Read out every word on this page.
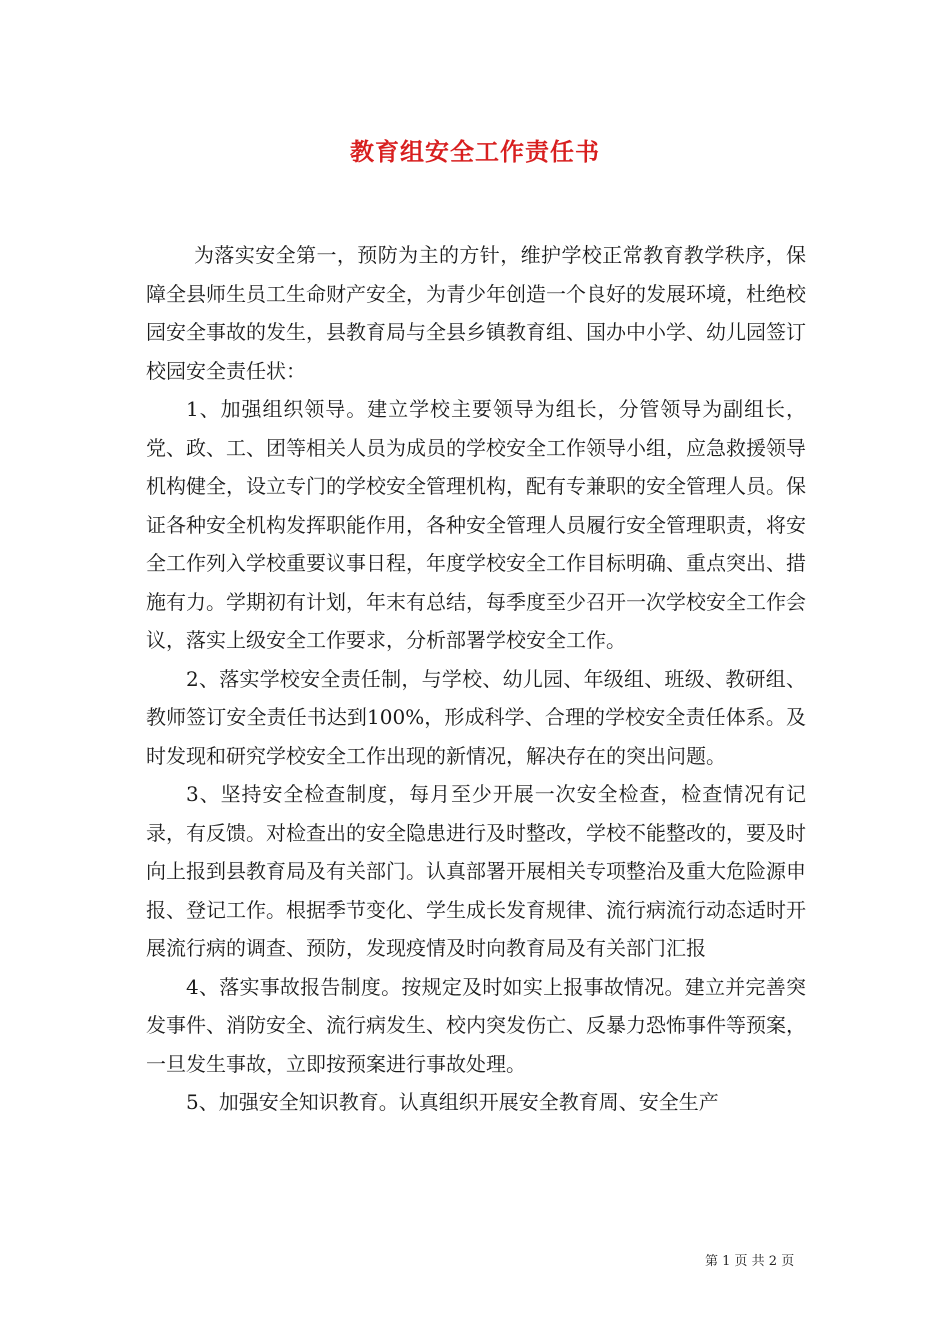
教育组安全工作责任书

为落实安全第一，预防为主的方针，维护学校正常教育教学秩序，保障全县师生员工生命财产安全，为青少年创造一个良好的发展环境，杜绝校园安全事故的发生，县教育局与全县乡镇教育组、国办中小学、幼儿园签订校园安全责任状：

1、加强组织领导。建立学校主要领导为组长，分管领导为副组长，党、政、工、团等相关人员为成员的学校安全工作领导小组，应急救援领导机构健全，设立专门的学校安全管理机构，配有专兼职的安全管理人员。保证各种安全机构发挥职能作用，各种安全管理人员履行安全管理职责，将安全工作列入学校重要议事日程，年度学校安全工作目标明确、重点突出、措施有力。学期初有计划，年末有总结，每季度至少召开一次学校安全工作会议，落实上级安全工作要求，分析部署学校安全工作。

2、落实学校安全责任制，与学校、幼儿园、年级组、班级、教研组、教师签订安全责任书达到100%，形成科学、合理的学校安全责任体系。及时发现和研究学校安全工作出现的新情况，解决存在的突出问题。

3、坚持安全检查制度，每月至少开展一次安全检查，检查情况有记录，有反馈。对检查出的安全隐患进行及时整改，学校不能整改的，要及时向上报到县教育局及有关部门。认真部署开展相关专项整治及重大危险源申报、登记工作。根据季节变化、学生成长发育规律、流行病流行动态适时开展流行病的调查、预防，发现疫情及时向教育局及有关部门汇报

4、落实事故报告制度。按规定及时如实上报事故情况。建立并完善突发事件、消防安全、流行病发生、校内突发伤亡、反暴力恐怖事件等预案，一旦发生事故，立即按预案进行事故处理。

5、加强安全知识教育。认真组织开展安全教育周、安全生产

第 1 页 共 2 页
